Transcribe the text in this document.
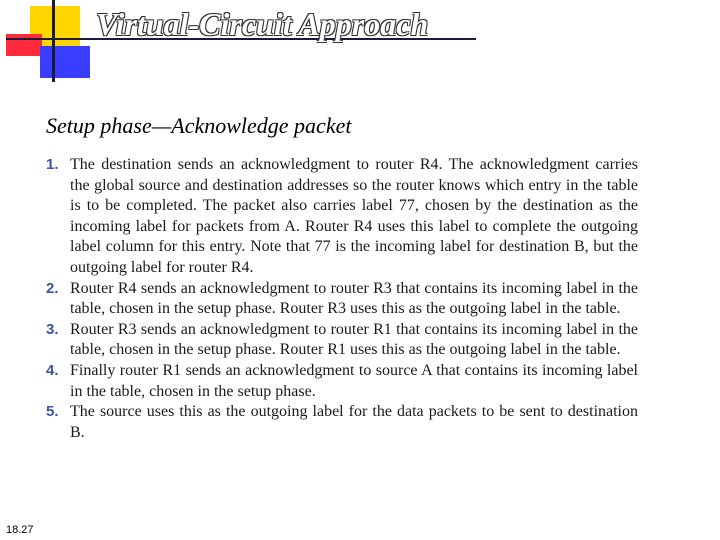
Virtual-Circuit Approach
Setup phase—Acknowledge packet
1. The destination sends an acknowledgment to router R4. The acknowledgment carries the global source and destination addresses so the router knows which entry in the table is to be completed. The packet also carries label 77, chosen by the destination as the incoming label for packets from A. Router R4 uses this label to complete the outgoing label column for this entry. Note that 77 is the incoming label for destination B, but the outgoing label for router R4.
2. Router R4 sends an acknowledgment to router R3 that contains its incoming label in the table, chosen in the setup phase. Router R3 uses this as the outgoing label in the table.
3. Router R3 sends an acknowledgment to router R1 that contains its incoming label in the table, chosen in the setup phase. Router R1 uses this as the outgoing label in the table.
4. Finally router R1 sends an acknowledgment to source A that contains its incoming label in the table, chosen in the setup phase.
5. The source uses this as the outgoing label for the data packets to be sent to destination B.
18.27
